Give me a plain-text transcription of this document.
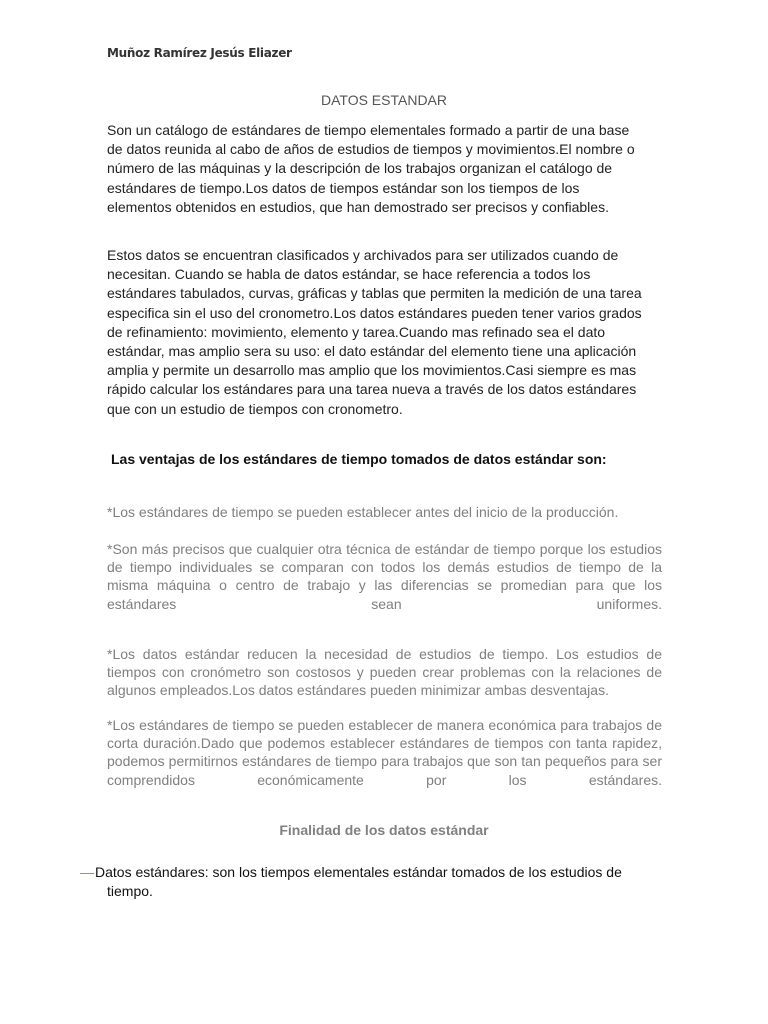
Muñoz Ramírez Jesús Eliazer
DATOS ESTANDAR

Son un catálogo de estándares de tiempo elementales formado a partir de una base de datos reunida al cabo de años de estudios de tiempos y movimientos.El nombre o número de las máquinas y la descripción de los trabajos organizan el catálogo de estándares de tiempo.Los datos de tiempos estándar son los tiempos de los elementos obtenidos en estudios, que han demostrado ser precisos y confiables.

Estos datos se encuentran clasificados y archivados para ser utilizados cuando de necesitan. Cuando se habla de datos estándar, se hace referencia a todos los estándares tabulados, curvas, gráficas y tablas que permiten la medición de una tarea especifica sin el uso del cronometro.Los datos estándares pueden tener varios grados de refinamiento: movimiento, elemento y tarea.Cuando mas refinado sea el dato estándar, mas amplio sera su uso: el dato estándar del elemento tiene una aplicación amplia y permite un desarrollo mas amplio que los movimientos.Casi siempre es mas rápido calcular los estándares para una tarea nueva a través de los datos estándares que con un estudio de tiempos con cronometro.

Las ventajas de los estándares de tiempo tomados de datos estándar son:

*Los estándares de tiempo se pueden establecer antes del inicio de la producción.

*Son más precisos que cualquier otra técnica de estándar de tiempo porque los estudios de tiempo individuales se comparan con todos los demás estudios de tiempo de la misma máquina o centro de trabajo y las diferencias se promedian para que los estándares sean uniformes.

*Los datos estándar reducen la necesidad de estudios de tiempo. Los estudios de tiempos con cronómetro son costosos y pueden crear problemas con la relaciones de algunos empleados.Los datos estándares pueden minimizar ambas desventajas.

*Los estándares de tiempo se pueden establecer de manera económica para trabajos de corta duración.Dado que podemos establecer estándares de tiempos con tanta rapidez, podemos permitirnos estándares de tiempo para trabajos que son tan pequeños para ser comprendidos económicamente por los estándares.

Finalidad de los datos estándar
— Datos estándares: son los tiempos elementales estándar tomados de los estudios de tiempo.
